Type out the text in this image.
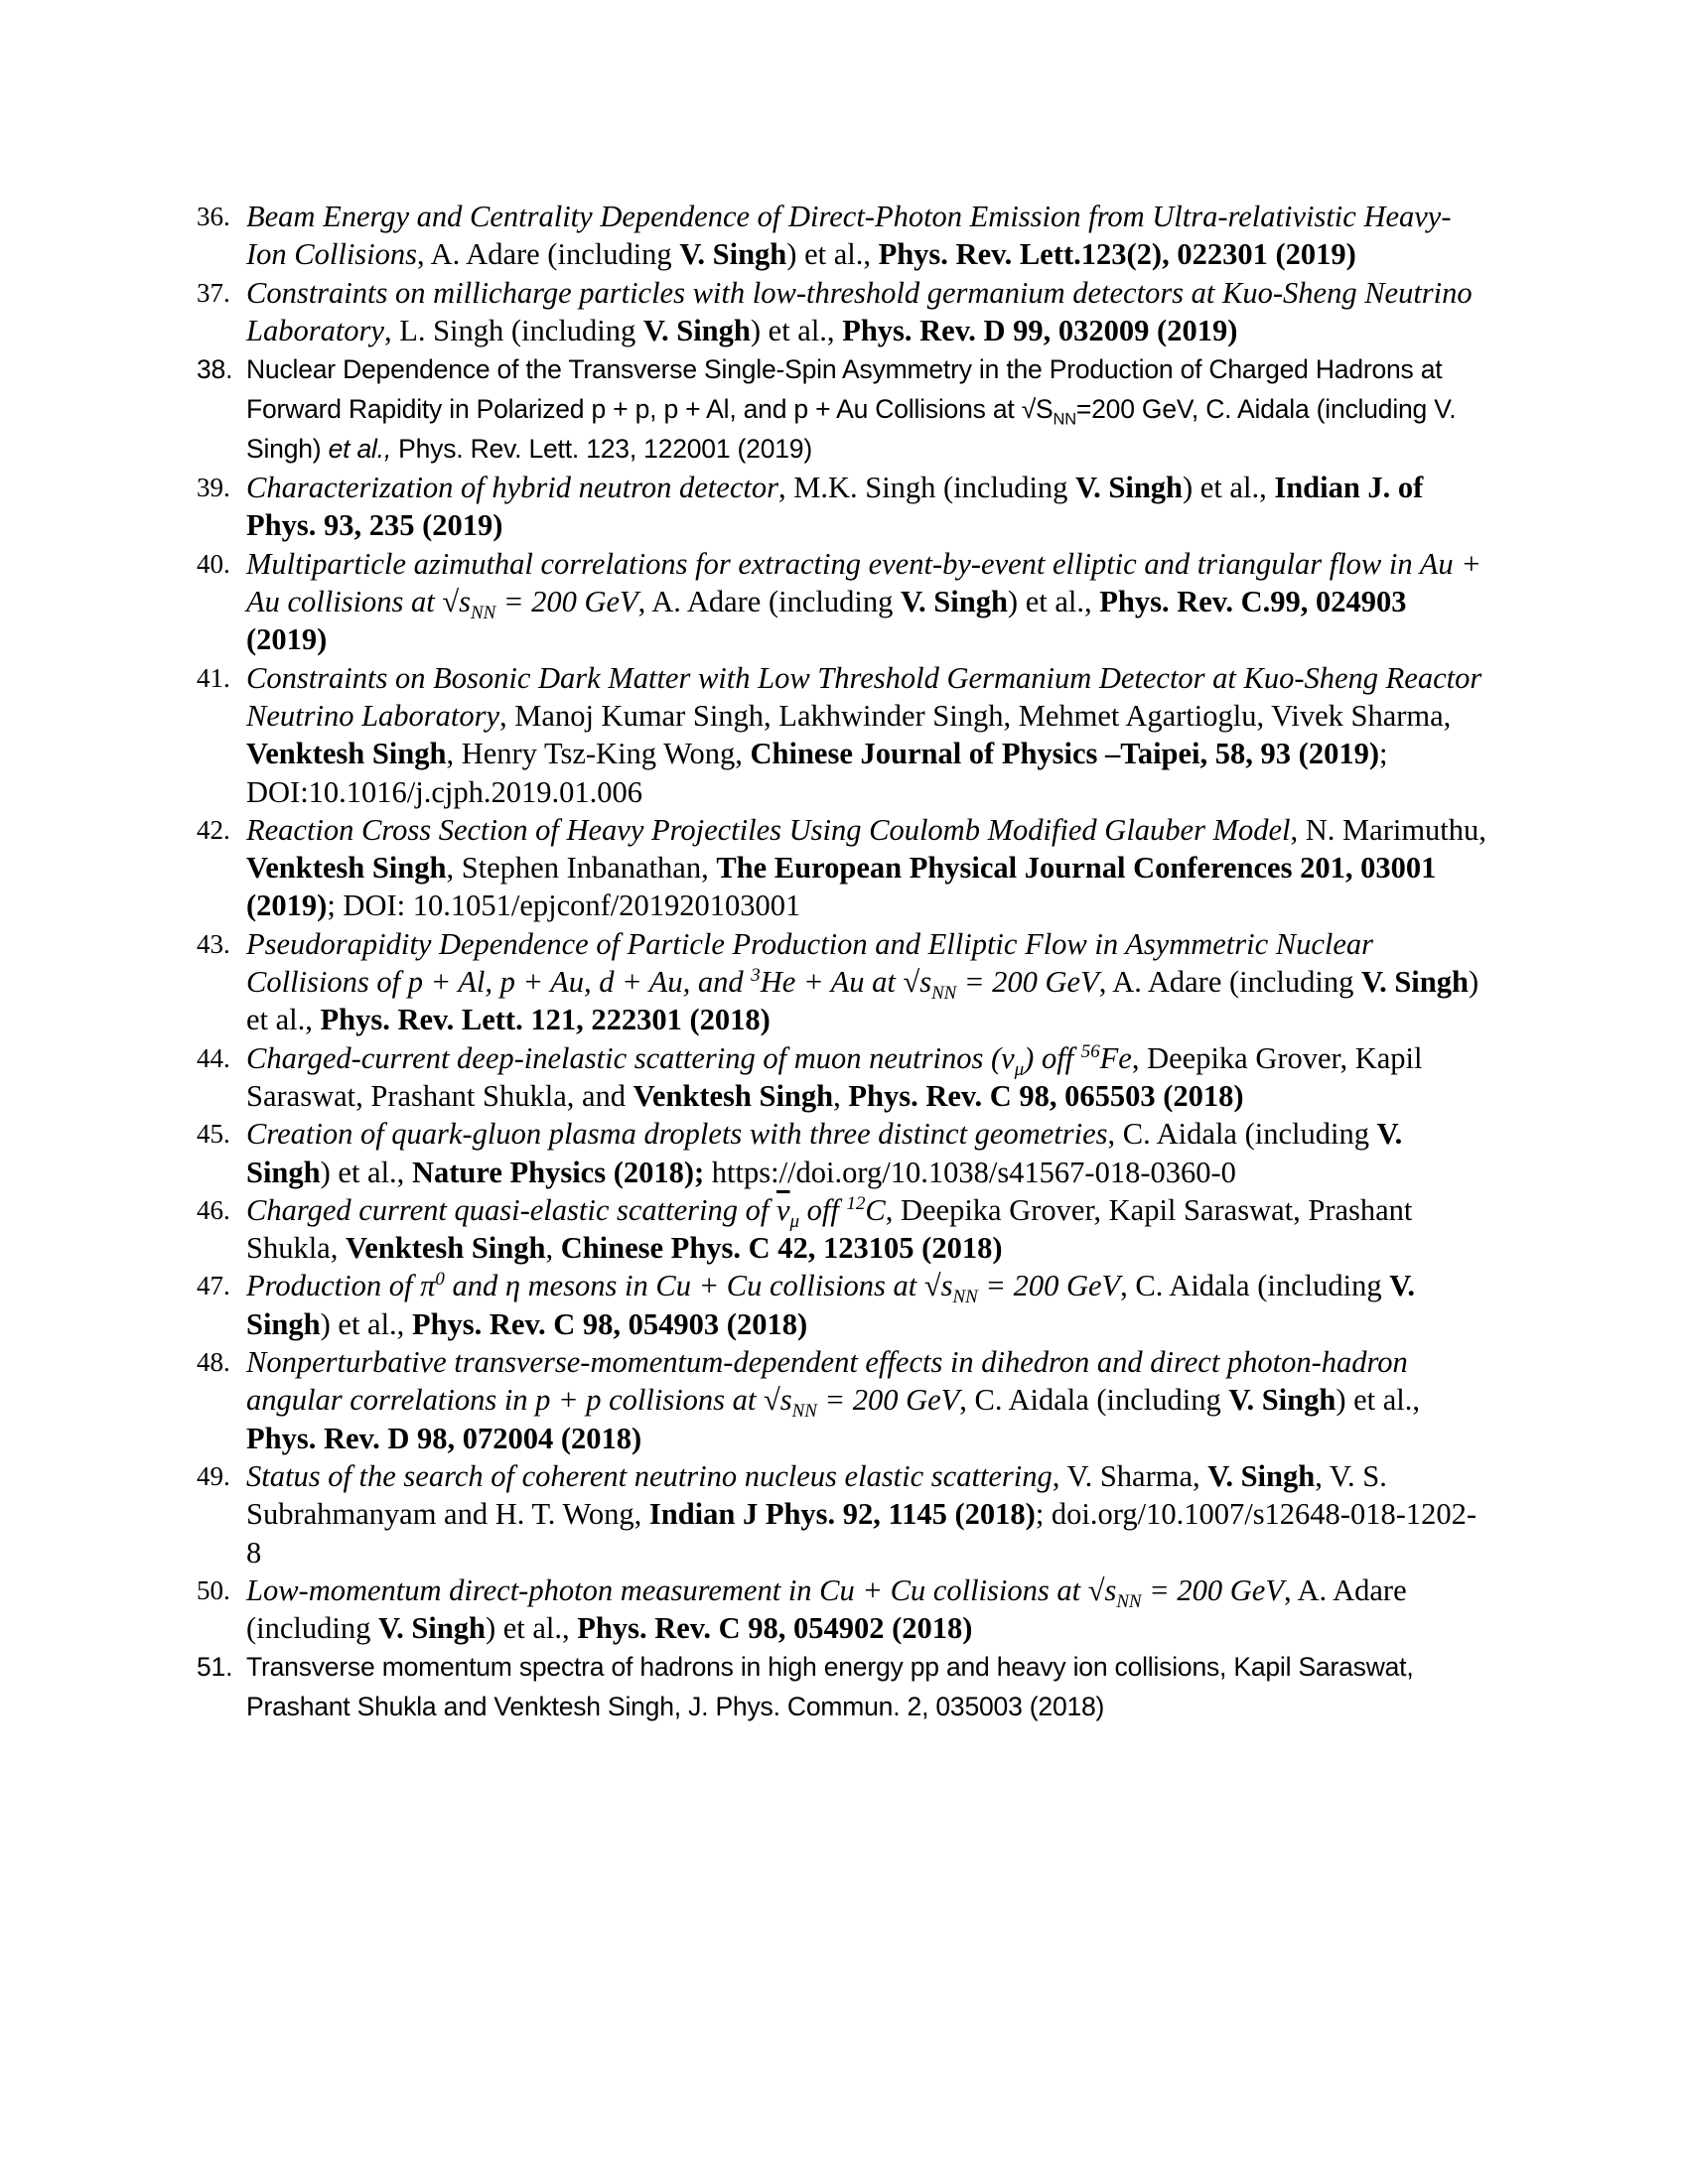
36. Beam Energy and Centrality Dependence of Direct-Photon Emission from Ultra-relativistic Heavy-Ion Collisions, A. Adare (including V. Singh) et al., Phys. Rev. Lett.123(2), 022301 (2019)
37. Constraints on millicharge particles with low-threshold germanium detectors at Kuo-Sheng Neutrino Laboratory, L. Singh (including V. Singh) et al., Phys. Rev. D 99, 032009 (2019)
38. Nuclear Dependence of the Transverse Single-Spin Asymmetry in the Production of Charged Hadrons at Forward Rapidity in Polarized p + p, p + Al, and p + Au Collisions at $√S_{NN}=200$ GeV, C. Aidala (including V. Singh) et al., Phys. Rev. Lett. 123, 122001 (2019)
39. Characterization of hybrid neutron detector, M.K. Singh (including V. Singh) et al., Indian J. of Phys. 93, 235 (2019)
40. Multiparticle azimuthal correlations for extracting event-by-event elliptic and triangular flow in Au + Au collisions at $√s_{NN} = 200$ GeV, A. Adare (including V. Singh) et al., Phys. Rev. C.99, 024903 (2019)
41. Constraints on Bosonic Dark Matter with Low Threshold Germanium Detector at Kuo-Sheng Reactor Neutrino Laboratory, Manoj Kumar Singh, Lakhwinder Singh, Mehmet Agartioglu, Vivek Sharma, Venktesh Singh, Henry Tsz-King Wong, Chinese Journal of Physics –Taipei, 58, 93 (2019); DOI:10.1016/j.cjph.2019.01.006
42. Reaction Cross Section of Heavy Projectiles Using Coulomb Modified Glauber Model, N. Marimuthu, Venktesh Singh, Stephen Inbanathan, The European Physical Journal Conferences 201, 03001 (2019); DOI: 10.1051/epjconf/201920103001
43. Pseudorapidity Dependence of Particle Production and Elliptic Flow in Asymmetric Nuclear Collisions of p + Al, p + Au, d + Au, and $^3$He + Au at $√s_{NN} = 200$ GeV, A. Adare (including V. Singh) et al., Phys. Rev. Lett. 121, 222301 (2018)
44. Charged-current deep-inelastic scattering of muon neutrinos $(\nu_\mu)$ off $^{56}$Fe, Deepika Grover, Kapil Saraswat, Prashant Shukla, and Venktesh Singh, Phys. Rev. C 98, 065503 (2018)
45. Creation of quark-gluon plasma droplets with three distinct geometries, C. Aidala (including V. Singh) et al., Nature Physics (2018); https://doi.org/10.1038/s41567-018-0360-0
46. Charged current quasi-elastic scattering of $\overline{\nu}_\mu$ off $^{12}$C, Deepika Grover, Kapil Saraswat, Prashant Shukla, Venktesh Singh, Chinese Phys. C 42, 123105 (2018)
47. Production of $\pi^0$ and η mesons in Cu + Cu collisions at $√s_{NN} = 200$ GeV, C. Aidala (including V. Singh) et al., Phys. Rev. C 98, 054903 (2018)
48. Nonperturbative transverse-momentum-dependent effects in dihedron and direct photon-hadron angular correlations in p + p collisions at $√s_{NN} = 200$ GeV, C. Aidala (including V. Singh) et al., Phys. Rev. D 98, 072004 (2018)
49. Status of the search of coherent neutrino nucleus elastic scattering, V. Sharma, V. Singh, V. S. Subrahmanyam and H. T. Wong, Indian J Phys. 92, 1145 (2018); doi.org/10.1007/s12648-018-1202-8
50. Low-momentum direct-photon measurement in Cu + Cu collisions at $√s_{NN} = 200$ GeV, A. Adare (including V. Singh) et al., Phys. Rev. C 98, 054902 (2018)
51. Transverse momentum spectra of hadrons in high energy pp and heavy ion collisions, Kapil Saraswat, Prashant Shukla and Venktesh Singh, J. Phys. Commun. 2, 035003 (2018)
